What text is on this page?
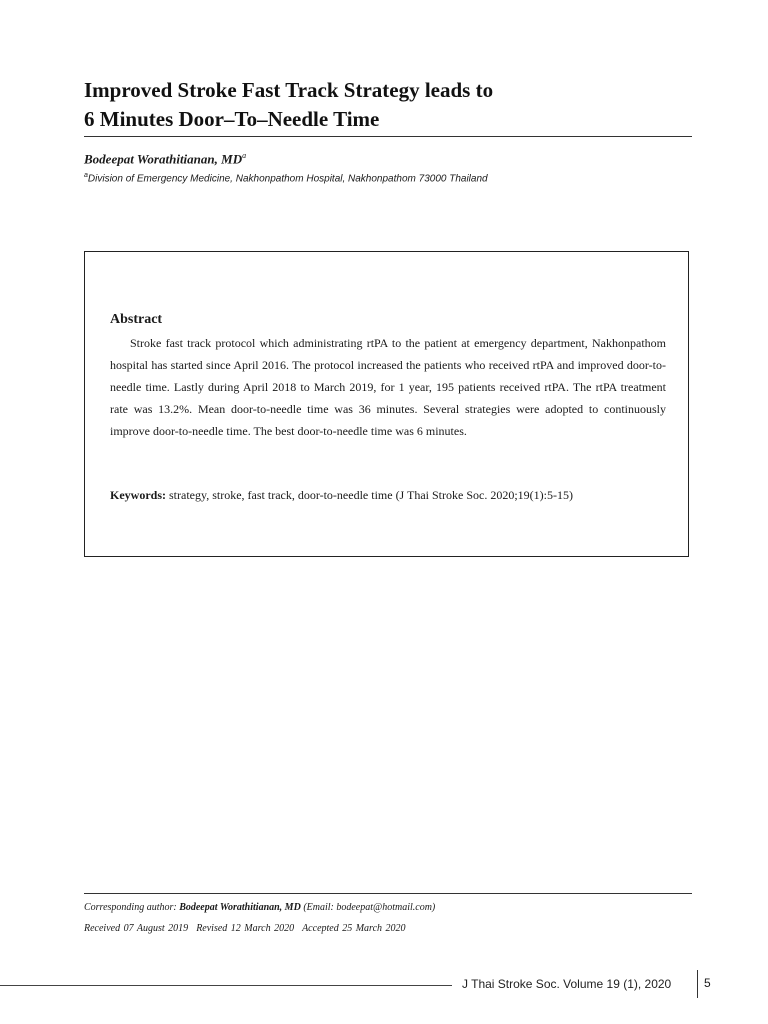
Improved Stroke Fast Track Strategy leads to
6 Minutes Door–To–Needle Time
Bodeepat Worathitianan, $MD^a$
$^a$Division of Emergency Medicine, Nakhonpathom Hospital, Nakhonpathom 73000 Thailand
Abstract

Stroke fast track protocol which administrating rtPA to the patient at emergency department, Nakhonpathom hospital has started since April 2016. The protocol increased the patients who received rtPA and improved door-to-needle time. Lastly during April 2018 to March 2019, for 1 year, 195 patients received rtPA. The rtPA treatment rate was 13.2%. Mean door-to-needle time was 36 minutes. Several strategies were adopted to continuously improve door-to-needle time. The best door-to-needle time was 6 minutes.

Keywords: strategy, stroke, fast track, door-to-needle time (J Thai Stroke Soc. 2020;19(1):5-15)

Corresponding author: Bodeepat Worathitianan, MD (Email: bodeepat@hotmail.com)
Received 07 August 2019 Revised 12 March 2020 Accepted 25 March 2020
J Thai Stroke Soc. Volume 19 (1), 2020	5
